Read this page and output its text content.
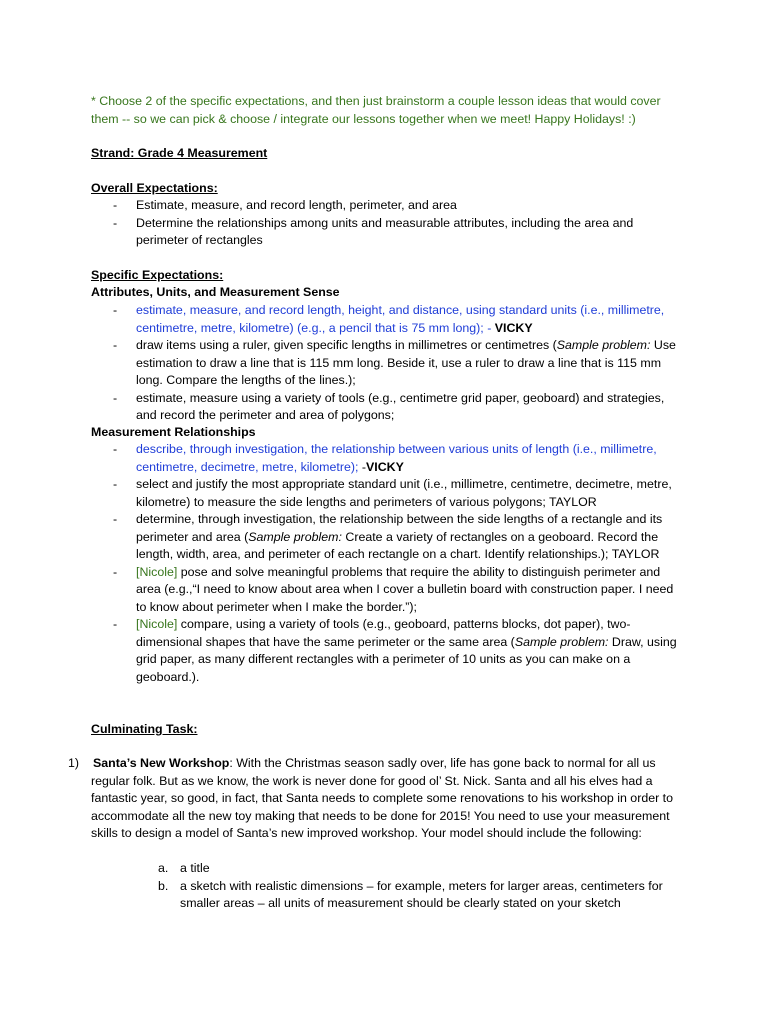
* Choose 2 of the specific expectations, and then just brainstorm a couple lesson ideas that would cover them -- so we can pick & choose / integrate our lessons together when we meet! Happy Holidays! :)
Strand: Grade 4 Measurement
Overall Expectations:
- Estimate, measure, and record length, perimeter, and area
- Determine the relationships among units and measurable attributes, including the area and perimeter of rectangles
Specific Expectations:
Attributes, Units, and Measurement Sense
- estimate, measure, and record length, height, and distance, using standard units (i.e., millimetre, centimetre, metre, kilometre) (e.g., a pencil that is 75 mm long); - VICKY
- draw items using a ruler, given specific lengths in millimetres or centimetres (Sample problem: Use estimation to draw a line that is 115 mm long. Beside it, use a ruler to draw a line that is 115 mm long. Compare the lengths of the lines.);
- estimate, measure using a variety of tools (e.g., centimetre grid paper, geoboard) and strategies, and record the perimeter and area of polygons;
Measurement Relationships
- describe, through investigation, the relationship between various units of length (i.e., millimetre, centimetre, decimetre, metre, kilometre); -VICKY
- select and justify the most appropriate standard unit (i.e., millimetre, centimetre, decimetre, metre, kilometre) to measure the side lengths and perimeters of various polygons; TAYLOR
- determine, through investigation, the relationship between the side lengths of a rectangle and its perimeter and area (Sample problem: Create a variety of rectangles on a geoboard. Record the length, width, area, and perimeter of each rectangle on a chart. Identify relationships.); TAYLOR
- [Nicole] pose and solve meaningful problems that require the ability to distinguish perimeter and area (e.g.,“I need to know about area when I cover a bulletin board with construction paper. I need to know about perimeter when I make the border.”);
- [Nicole] compare, using a variety of tools (e.g., geoboard, patterns blocks, dot paper), two-dimensional shapes that have the same perimeter or the same area (Sample problem: Draw, using grid paper, as many different rectangles with a perimeter of 10 units as you can make on a geoboard.).
Culminating Task:
1) Santa’s New Workshop: With the Christmas season sadly over, life has gone back to normal for all us regular folk. But as we know, the work is never done for good ol’ St. Nick. Santa and all his elves had a fantastic year, so good, in fact, that Santa needs to complete some renovations to his workshop in order to accommodate all the new toy making that needs to be done for 2015! You need to use your measurement skills to design a model of Santa’s new improved workshop. Your model should include the following:
a. a title
b. a sketch with realistic dimensions – for example, meters for larger areas, centimeters for smaller areas – all units of measurement should be clearly stated on your sketch
